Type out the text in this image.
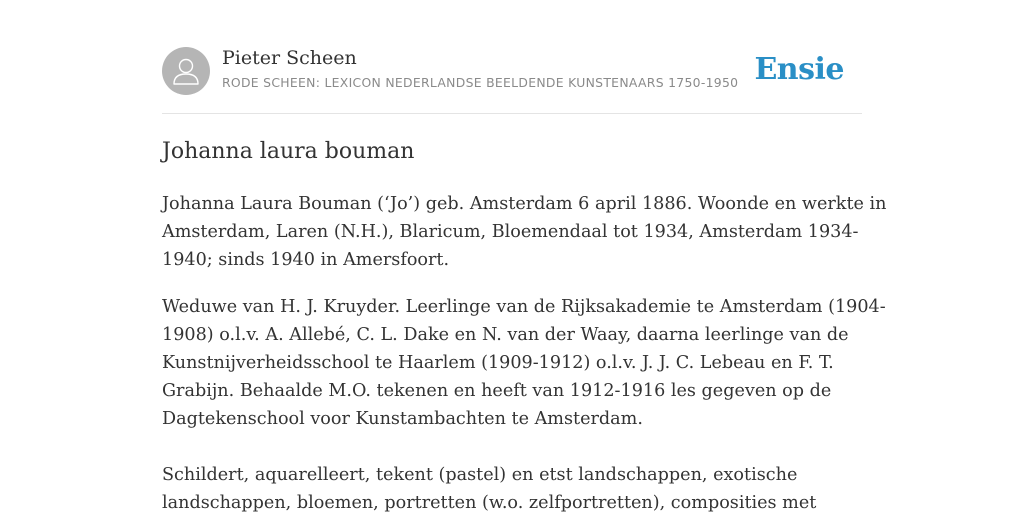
Pieter Scheen
RODE SCHEEN: LEXICON NEDERLANDSE BEELDENDE KUNSTENAARS 1750-1950 Ensie
Johanna laura bouman

Johanna Laura Bouman (‘Jo’) geb. Amsterdam 6 april 1886. Woonde en werkte in
Amsterdam, Laren (N.H.), Blaricum, Bloemendaal tot 1934, Amsterdam 1934-
1940; sinds 1940 in Amersfoort.

Weduwe van H. J. Kruyder. Leerlinge van de Rijksakademie te Amsterdam (1904-
1908) o.l.v. A. Allebé, C. L. Dake en N. van der Waay, daarna leerlinge van de
Kunstnijverheidsschool te Haarlem (1909-1912) o.l.v. J. J. C. Lebeau en F. T.
Grabijn. Behaalde M.O. tekenen en heeft van 1912-1916 les gegeven op de
Dagtekenschool voor Kunstambachten te Amsterdam.

Schildert, aquarelleert, tekent (pastel) en etst landschappen, exotische
landschappen, bloemen, portretten (w.o. zelfportretten), composities met
